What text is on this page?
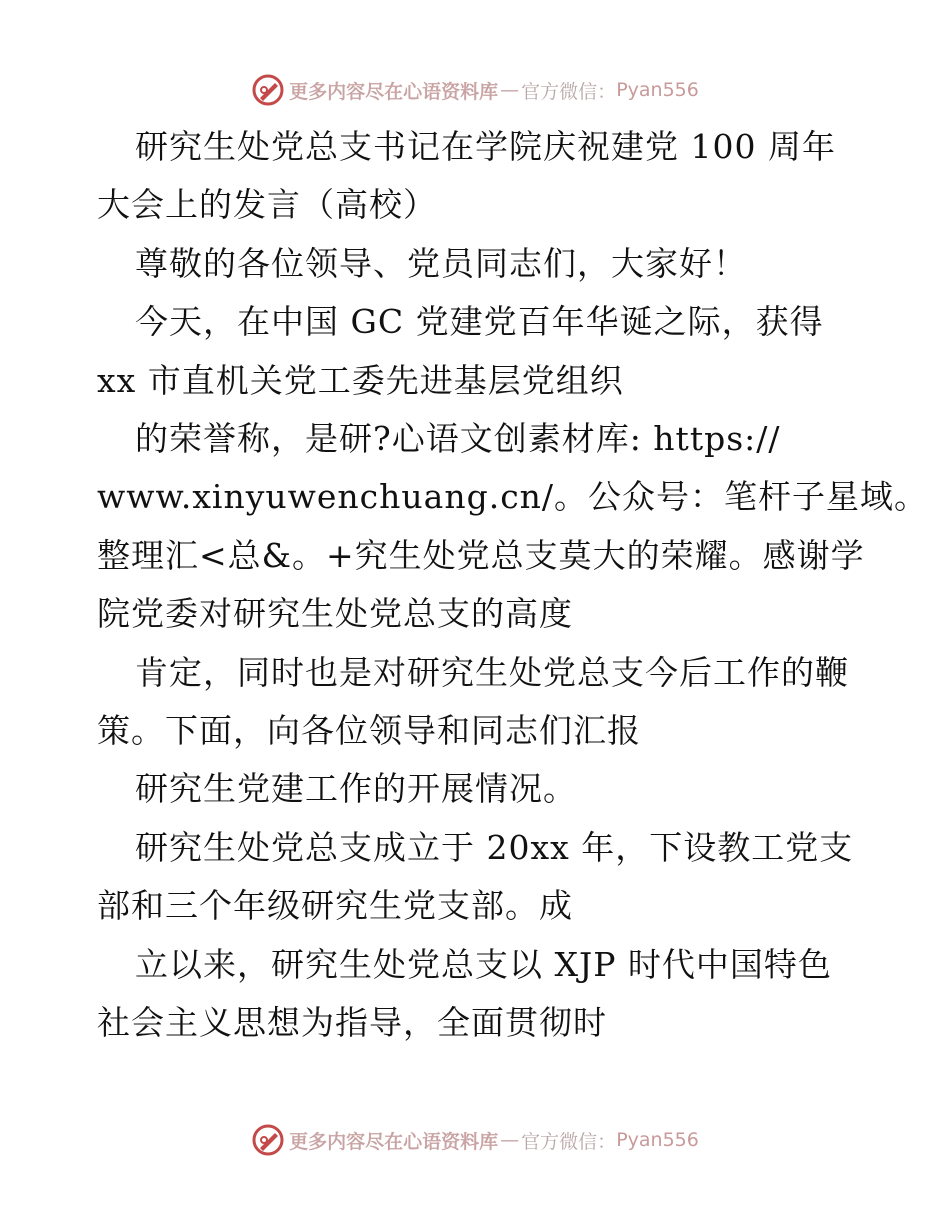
更多内容尽在心语资料库 — 官方微信： Pyan556

研究生处党总支书记在学院庆祝建党 100 周年
大会上的发言（高校）

尊敬的各位领导、党员同志们，大家好！

今天，在中国 GC 党建党百年华诞之际，获得
xx 市直机关党工委先进基层党组织

的荣誉称，是研?心语文创素材库: https://
www.xinyuwenchuang.cn/。公众号：笔杆子星域。
整理汇<总&。+究生处党总支莫大的荣耀。感谢学
院党委对研究生处党总支的高度

肯定，同时也是对研究生处党总支今后工作的鞭
策。下面，向各位领导和同志们汇报

研究生党建工作的开展情况。

研究生处党总支成立于 20xx 年，下设教工党支
部和三个年级研究生党支部。成

立以来，研究生处党总支以 XJP 时代中国特色
社会主义思想为指导，全面贯彻时

更多内容尽在心语资料库 — 官方微信： Pyan556
